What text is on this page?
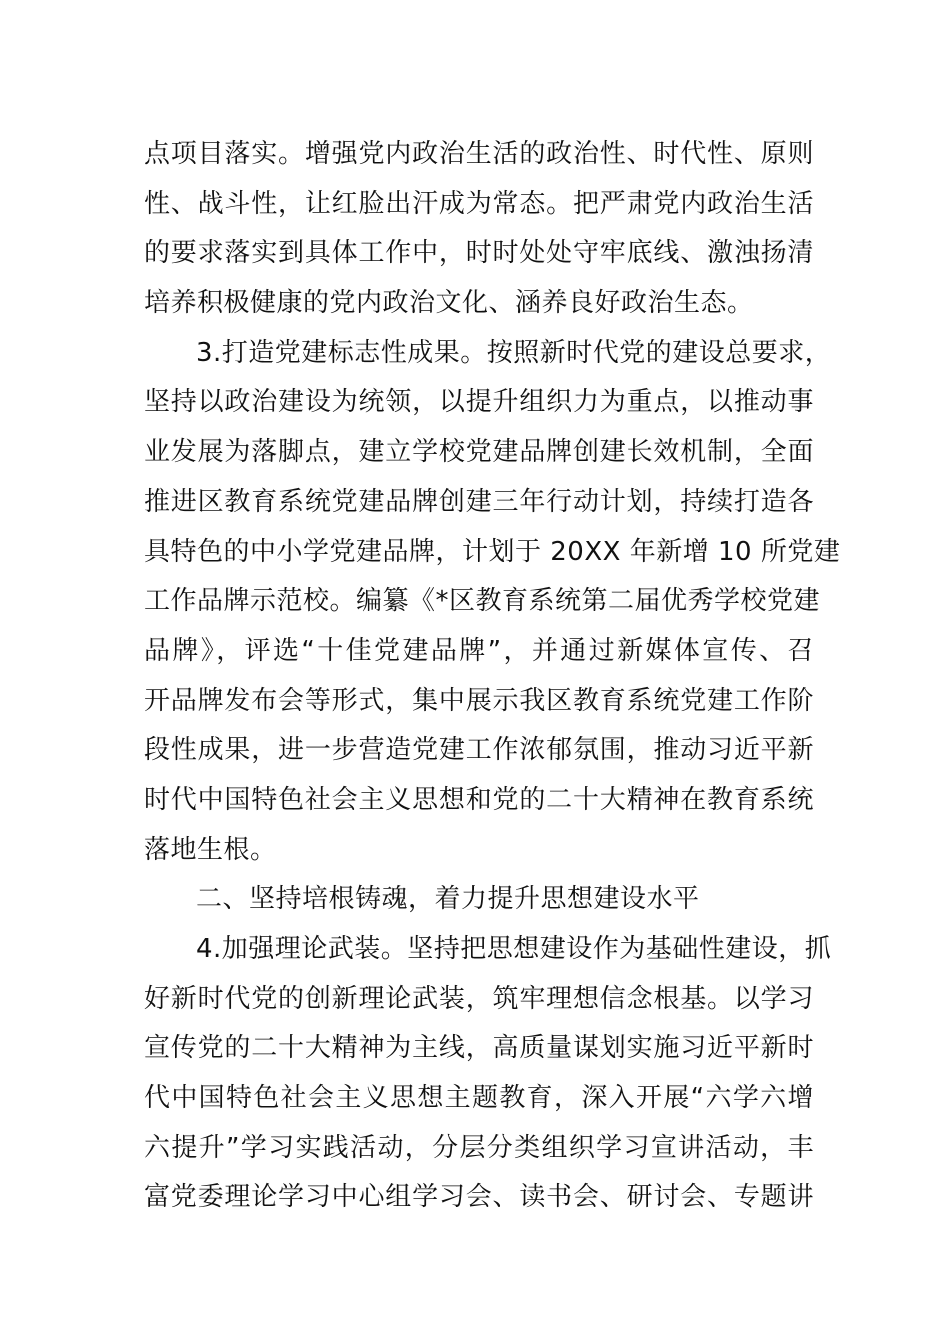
点项目落实。增强党内政治生活的政治性、时代性、原则
性、战斗性，让红脸出汗成为常态。把严肃党内政治生活
的要求落实到具体工作中，时时处处守牢底线、激浊扬清
培养积极健康的党内政治文化、涵养良好政治生态。
3.打造党建标志性成果。按照新时代党的建设总要求，
坚持以政治建设为统领，以提升组织力为重点，以推动事
业发展为落脚点，建立学校党建品牌创建长效机制，全面
推进区教育系统党建品牌创建三年行动计划，持续打造各
具特色的中小学党建品牌，计划于 20XX 年新增 10 所党建
工作品牌示范校。编纂《*区教育系统第二届优秀学校党建
品牌》，评选“十佳党建品牌”，并通过新媒体宣传、召
开品牌发布会等形式，集中展示我区教育系统党建工作阶
段性成果，进一步营造党建工作浓郁氛围，推动习近平新
时代中国特色社会主义思想和党的二十大精神在教育系统
落地生根。
二、坚持培根铸魂，着力提升思想建设水平
4.加强理论武装。坚持把思想建设作为基础性建设，抓
好新时代党的创新理论武装，筑牢理想信念根基。以学习
宣传党的二十大精神为主线，高质量谋划实施习近平新时
代中国特色社会主义思想主题教育，深入开展“六学六增
六提升”学习实践活动，分层分类组织学习宣讲活动，丰
富党委理论学习中心组学习会、读书会、研讨会、专题讲
